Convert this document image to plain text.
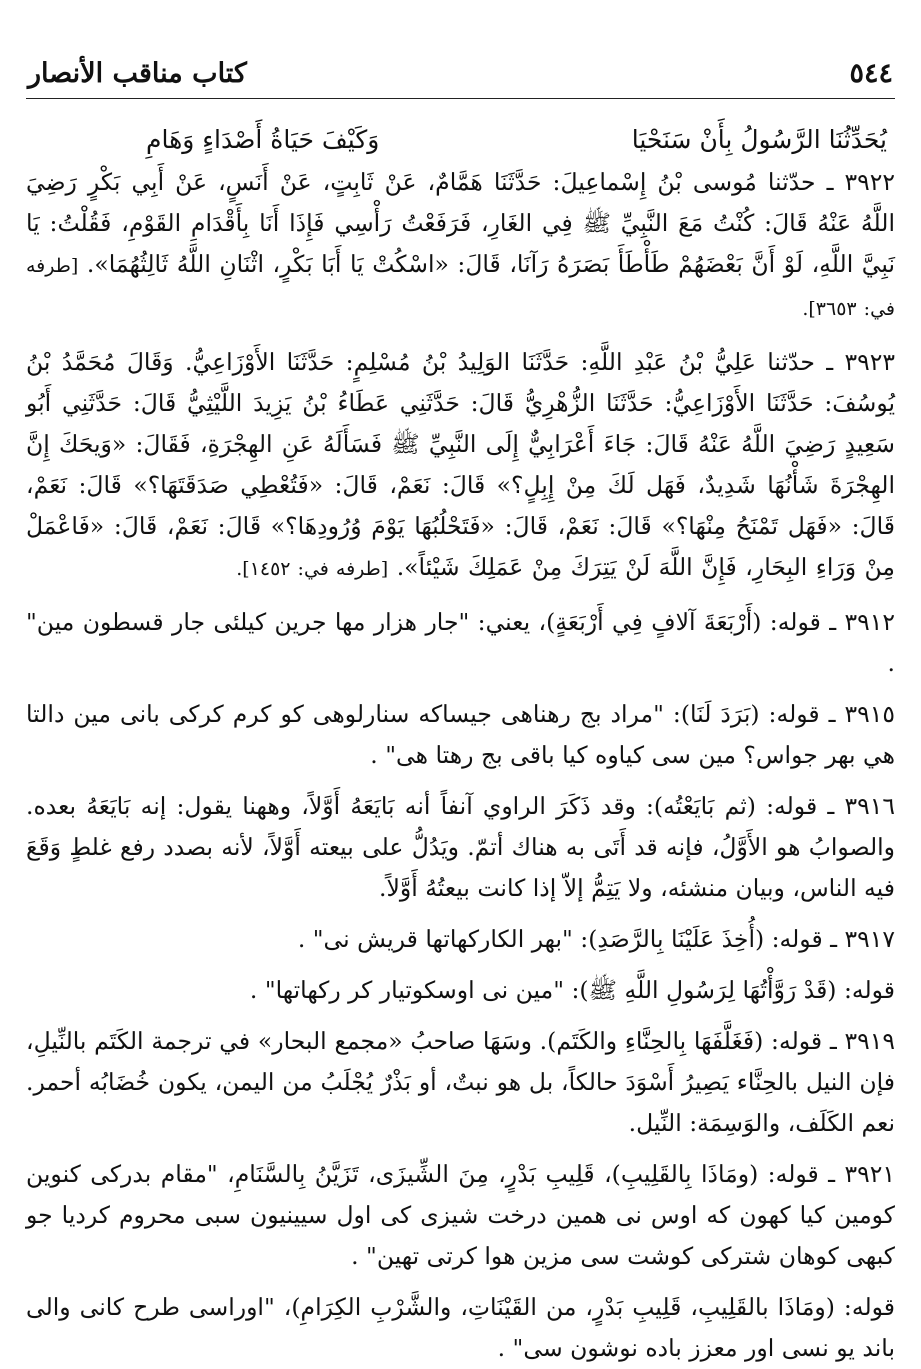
٥٤٤
كتاب مناقب الأنصار
يُحَدِّثُنَا الرَّسُولُ بِأَنْ سَنَحْيَا
وَكَيْفَ حَيَاةُ أَصْدَاءٍ وَهَامِ

٣٩٢٢ ـ حدّثنا مُوسى بْنُ إِسْماعِيلَ: حَدَّثَنَا هَمَّامٌ، عَنْ ثَابِتٍ، عَنْ أَنَسٍ، عَنْ أَبِي بَكْرٍ رَضِيَ اللَّهُ عَنْهُ قَالَ: كُنْتُ مَعَ النَّبِيِّ ﷺ فِي الغَارِ، فَرَفَعْتُ رَأْسِي فَإِذَا أَنَا بِأَقْدَامِ القَوْمِ، فَقُلْتُ: يَا نَبِيَّ اللَّهِ، لَوْ أَنَّ بَعْضَهُمْ طَأْطَأَ بَصَرَهُ رَآنَا، قَالَ: «اسْكُتْ يَا أَبَا بَكْرٍ، اثْنَانِ اللَّهُ ثَالِثُهُمَا». [طرفه في: ٣٦٥٣].

٣٩٢٣ ـ حدّثنا عَلِيُّ بْنُ عَبْدِ اللَّهِ: حَدَّثَنَا الوَلِيدُ بْنُ مُسْلِمٍ: حَدَّثَنَا الأَوْزَاعِيُّ. وَقَالَ مُحَمَّدُ بْنُ يُوسُفَ: حَدَّثَنَا الأَوْزَاعِيُّ: حَدَّثَنَا الزُّهْرِيُّ قَالَ: حَدَّثَنِي عَطَاءُ بْنُ يَزِيدَ اللَّيْثِيُّ قَالَ: حَدَّثَنِي أَبُو سَعِيدٍ رَضِيَ اللَّهُ عَنْهُ قَالَ: جَاءَ أَعْرَابِيٌّ إِلَى النَّبِيِّ ﷺ فَسَأَلَهُ عَنِ الهِجْرَةِ، فَقَالَ: «وَيحَكَ إِنَّ الهِجْرَةَ شَأْنُهَا شَدِيدٌ، فَهَل لَكَ مِنْ إِبِلٍ؟» قَالَ: نَعَمْ، قَالَ: «فَتُعْطِي صَدَقَتَهَا؟» قَالَ: نَعَمْ، قَالَ: «فَهَل تَمْنَحُ مِنْهَا؟» قَالَ: نَعَمْ، قَالَ: «فَتَحْلُبُهَا يَوْمَ وُرُودِهَا؟» قَالَ: نَعَمْ، قَالَ: «فَاعْمَلْ مِنْ وَرَاءِ البِحَارِ، فَإِنَّ اللَّهَ لَنْ يَتِرَكَ مِنْ عَمَلِكَ شَيْئاً». [طرفه في: ١٤٥٢].

٣٩١٢ ـ قوله: (أَرْبَعَةَ آلافٍ فِي أَرْبَعَةٍ)، يعني: "جار هزار مها جرين كيلئى جار قسطون مين" .

٣٩١٥ ـ قوله: (بَرَدَ لَنَا): "مراد بج رهناهى جيساكه سنارلوهى كو كرم كركى بانى مين دالتا هي بهر جواس؟ مين سى كياوه كيا باقى بج رهتا هى" .

٣٩١٦ ـ قوله: (ثم بَايَعْتُه): وقد ذَكَرَ الراوي آنفاً أنه بَايَعَهُ أَوَّلاً، وههنا يقول: إنه بَايَعَهُ بعده. والصوابُ هو الأَوَّلُ، فإنه قد أَتَى به هناك أتمّ. ويَدُلُّ على بيعته أَوَّلاً، لأنه بصدد رفع غلطٍ وَقَعَ فيه الناس، وبيان منشئه، ولا يَتِمُّ إلاّ إذا كانت بيعتُهُ أَوَّلاً.

٣٩١٧ ـ قوله: (أُخِذَ عَلَيْنَا بِالرَّصَدِ): "بهر الكاركهاتها قريش نى" .

قوله: (قَدْ رَوَّأْتُهَا لِرَسُولِ اللَّهِ ﷺ): "مين نى اوسكوتيار كر ركهاتها" .

٣٩١٩ ـ قوله: (فَغَلَّفَهَا بِالحِنَّاءِ والكَتَم). وسَهَا صاحبُ «مجمع البحار» في ترجمة الكَتَم بالنِّيلِ، فإن النيل بالحِنَّاء يَصِيرُ أَسْوَدَ حالكاً، بل هو نبتٌ، أو بَذْرٌ يُجْلَبُ من اليمن، يكون خُضَابُه أحمر. نعم الكَلَف، والوَسِمَة: النِّيل.

٣٩٢١ ـ قوله: (ومَاذَا بِالقَلِيبِ)، قَلِيبِ بَدْرٍ، مِنَ الشِّيزَى، تَزَيَّنُ بِالسَّنَامِ، "مقام بدركى كنوين كومين كيا كهون كه اوس نى همين درخت شيزى كى اول سيينيون سبى محروم كرديا جو كبهى كوهان شتركى كوشت سى مزين هوا كرتى تهين" .

قوله: (ومَاذَا بالقَلِيبِ، قَلِيبِ بَدْرٍ، من القَيْنَاتِ، والشَّرْبِ الكِرَامِ)، "اوراسى طرح كانى والى باند يو نسى اور معزز باده نوشون سى" .
